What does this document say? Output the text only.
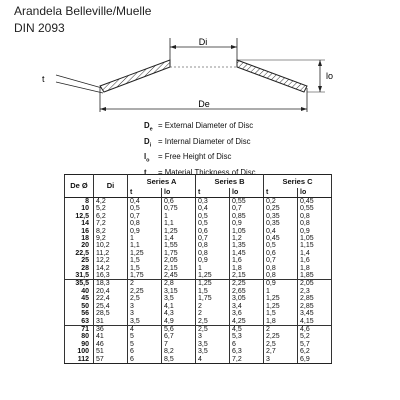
Arandela Belleville/Muelle
DIN 2093
Di
t	lo
De
$D_e$ = External Diameter of Disc
$D_i$ = Internal Diameter of Disc
$l_o$	= Free Height of Disc
t	= Material Thickness of Disc
De Ø	Di	Series A		Series B		Series C	
		t	lo	t	lo	t	lo
8	4,2	0,4	0,6	0,3	0,55	0,2	0,45
10	5,2	0,5	0,75	0,4	0,7	0,25	0,55
12,5	6,2	0,7	1	0,5	0,85	0,35	0,8
14	7,2	0,8	1,1	0,5	0,9	0,35	0,8
16	8,2	0,9	1,25	0,6	1,05	0,4	0,9
18	9,2	1	1,4	0,7	1,2	0,45	1,05
20	10,2	1,1	1,55	0,8	1,35	0,5	1,15
22,5	11,2	1,25	1,75	0,8	1,45	0,6	1,4
25	12,2	1,5	2,05	0,9	1,6	0,7	1,6
28	14,2	1,5	2,15	1	1,8	0,8	1,8
31,5	16,3	1,75	2,45	1,25	2,15	0,8	1,85
35,5	18,3	2	2,8	1,25	2,25	0,9	2,05
40	20,4	2,25	3,15	1,5	2,65	1	2,3
45	22,4	2,5	3,5	1,75	3,05	1,25	2,85
50	25,4	3	4,1	2	3,4	1,25	2,85
56	28,5	3	4,3	2	3,6	1,5	3,45
63	31	3,5	4,9	2,5	4,25	1,8	4,15
71	36	4	5,6	2,5	4,5	2	4,6
80	41	5	6,7	3	5,3	2,25	5,2
90	46	5	7	3,5	6	2,5	5,7
100	51	6	8,2	3,5	6,3	2,7	6,2
112	57	6	8,5	4	7,2	3	6,9
